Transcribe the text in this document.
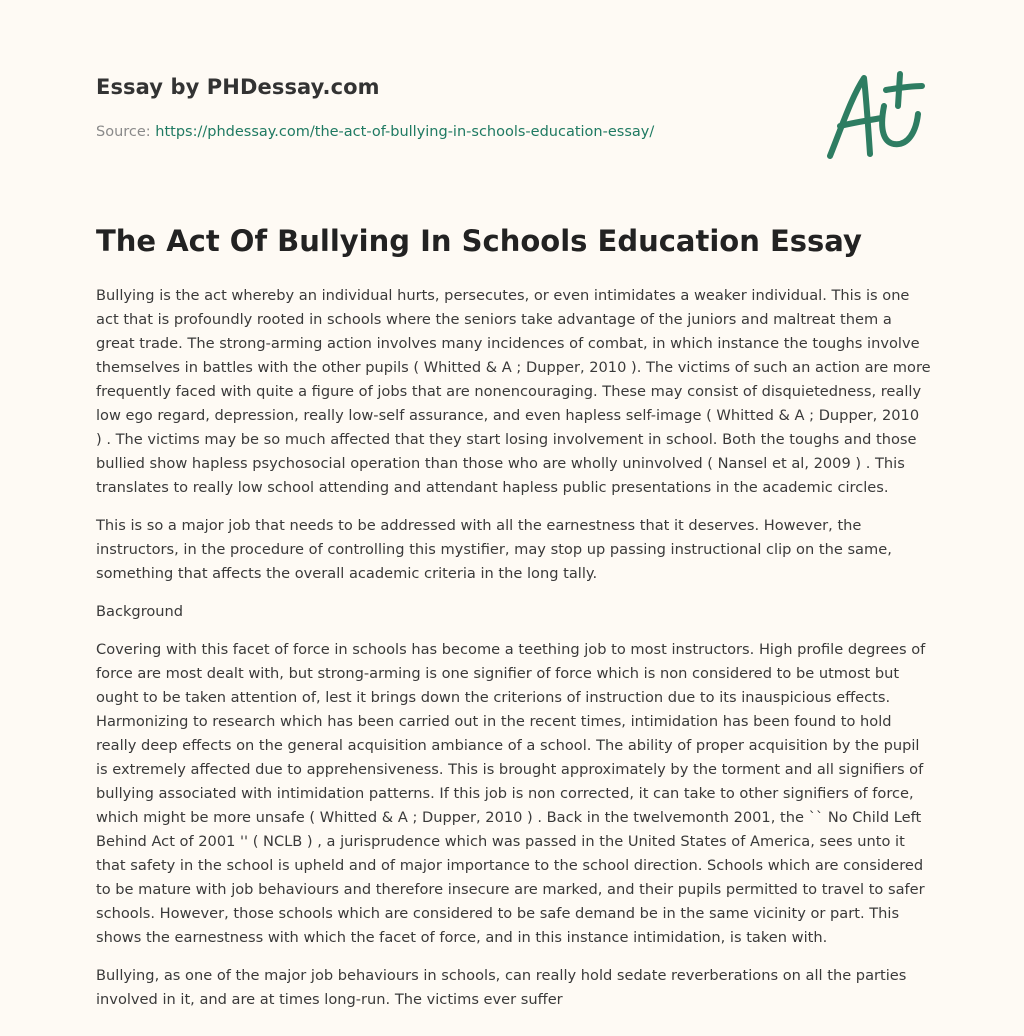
Essay by PHDessay.com
Source: https://phdessay.com/the-act-of-bullying-in-schools-education-essay/
The Act Of Bullying In Schools Education Essay

Bullying is the act whereby an individual hurts, persecutes, or even intimidates a weaker individual. This is one
act that is profoundly rooted in schools where the seniors take advantage of the juniors and maltreat them a
great trade. The strong-arming action involves many incidences of combat, in which instance the toughs involve
themselves in battles with the other pupils ( Whitted & A ; Dupper, 2010 ). The victims of such an action are more
frequently faced with quite a figure of jobs that are nonencouraging. These may consist of disquietedness, really
low ego regard, depression, really low-self assurance, and even hapless self-image ( Whitted & A ; Dupper, 2010
) . The victims may be so much affected that they start losing involvement in school. Both the toughs and those
bullied show hapless psychosocial operation than those who are wholly uninvolved ( Nansel et al, 2009 ) . This
translates to really low school attending and attendant hapless public presentations in the academic circles.

This is so a major job that needs to be addressed with all the earnestness that it deserves. However, the
instructors, in the procedure of controlling this mystifier, may stop up passing instructional clip on the same,
something that affects the overall academic criteria in the long tally.

Background

Covering with this facet of force in schools has become a teething job to most instructors. High profile degrees of
force are most dealt with, but strong-arming is one signifier of force which is non considered to be utmost but
ought to be taken attention of, lest it brings down the criterions of instruction due to its inauspicious effects.
Harmonizing to research which has been carried out in the recent times, intimidation has been found to hold
really deep effects on the general acquisition ambiance of a school. The ability of proper acquisition by the pupil
is extremely affected due to apprehensiveness. This is brought approximately by the torment and all signifiers of
bullying associated with intimidation patterns. If this job is non corrected, it can take to other signifiers of force,
which might be more unsafe ( Whitted & A ; Dupper, 2010 ) . Back in the twelvemonth 2001, the `` No Child Left
Behind Act of 2001 '' ( NCLB ) , a jurisprudence which was passed in the United States of America, sees unto it
that safety in the school is upheld and of major importance to the school direction. Schools which are considered
to be mature with job behaviours and therefore insecure are marked, and their pupils permitted to travel to safer
schools. However, those schools which are considered to be safe demand be in the same vicinity or part. This
shows the earnestness with which the facet of force, and in this instance intimidation, is taken with.

Bullying, as one of the major job behaviours in schools, can really hold sedate reverberations on all the parties
involved in it, and are at times long-run. The victims ever suffer
